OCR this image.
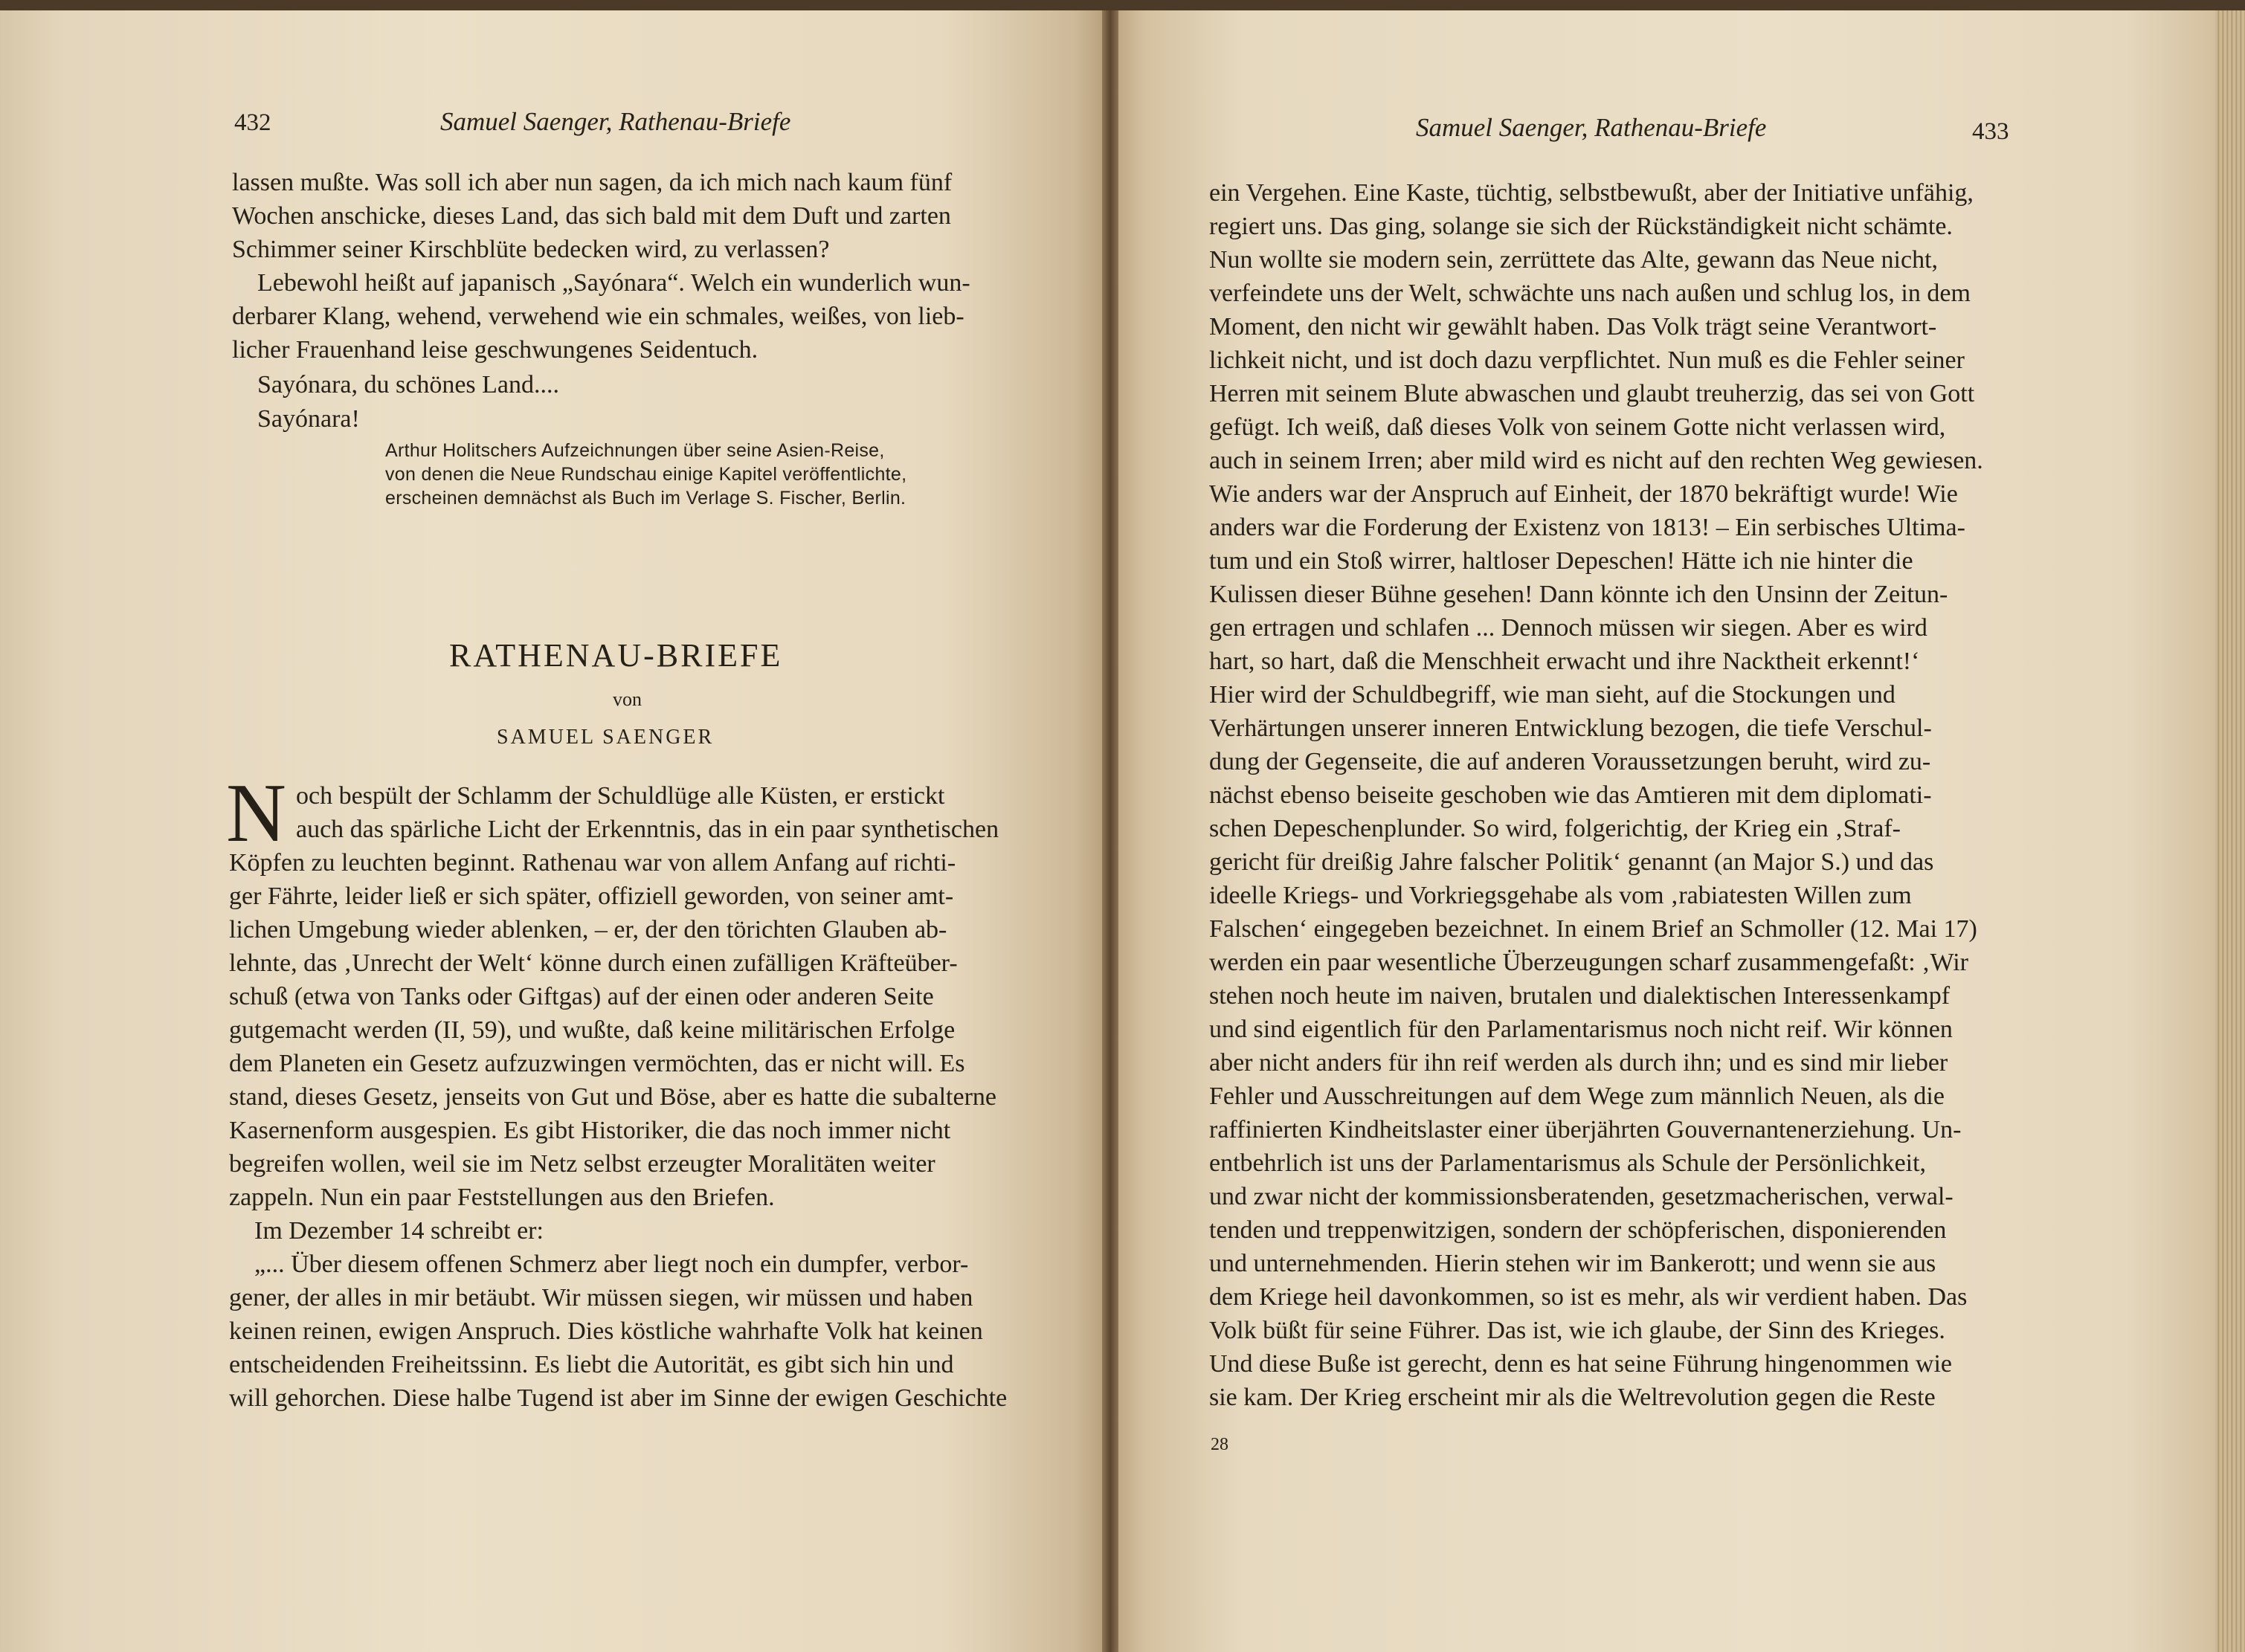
432	Samuel Saenger, Rathenau-Briefe
lassen mußte. Was soll ich aber nun sagen, da ich mich nach kaum fünf
Wochen anschicke, dieses Land, das sich bald mit dem Duft und zarten
Schimmer seiner Kirschblüte bedecken wird, zu verlassen?
Lebewohl heißt auf japanisch „Sayónara“. Welch ein wunderlich wun-
derbarer Klang, wehend, verwehend wie ein schmales, weißes, von lieb-
licher Frauenhand leise geschwungenes Seidentuch.
Sayónara, du schönes Land....
Sayónara!
Arthur Holitschers Aufzeichnungen über seine Asien-Reise,
von denen die Neue Rundschau einige Kapitel veröffentlichte,
erscheinen demnächst als Buch im Verlage S. Fischer, Berlin.
RATHENAU-BRIEFE
von
SAMUEL SAENGER
N och bespült der Schlamm der Schuldlüge alle Küsten, er erstickt
auch das spärliche Licht der Erkenntnis, das in ein paar synthetischen
Köpfen zu leuchten beginnt. Rathenau war von allem Anfang auf richti-
ger Fährte, leider ließ er sich später, offiziell geworden, von seiner amt-
lichen Umgebung wieder ablenken, – er, der den törichten Glauben ab-
lehnte, das ‚Unrecht der Welt‘ könne durch einen zufälligen Kräfteüber-
schuß (etwa von Tanks oder Giftgas) auf der einen oder anderen Seite
gutgemacht werden (II, 59), und wußte, daß keine militärischen Erfolge
dem Planeten ein Gesetz aufzuzwingen vermöchten, das er nicht will. Es
stand, dieses Gesetz, jenseits von Gut und Böse, aber es hatte die subalterne
Kasernenform ausgespien. Es gibt Historiker, die das noch immer nicht
begreifen wollen, weil sie im Netz selbst erzeugter Moralitäten weiter
zappeln. Nun ein paar Feststellungen aus den Briefen.
Im Dezember 14 schreibt er:
„... Über diesem offenen Schmerz aber liegt noch ein dumpfer, verbor-
gener, der alles in mir betäubt. Wir müssen siegen, wir müssen und haben
keinen reinen, ewigen Anspruch. Dies köstliche wahrhafte Volk hat keinen
entscheidenden Freiheitssinn. Es liebt die Autorität, es gibt sich hin und
will gehorchen. Diese halbe Tugend ist aber im Sinne der ewigen Geschichte
Samuel Saenger, Rathenau-Briefe	433
ein Vergehen. Eine Kaste, tüchtig, selbstbewußt, aber der Initiative unfähig,
regiert uns. Das ging, solange sie sich der Rückständigkeit nicht schämte.
Nun wollte sie modern sein, zerrüttete das Alte, gewann das Neue nicht,
verfeindete uns der Welt, schwächte uns nach außen und schlug los, in dem
Moment, den nicht wir gewählt haben. Das Volk trägt seine Verantwort-
lichkeit nicht, und ist doch dazu verpflichtet. Nun muß es die Fehler seiner
Herren mit seinem Blute abwaschen und glaubt treuherzig, das sei von Gott
gefügt. Ich weiß, daß dieses Volk von seinem Gotte nicht verlassen wird,
auch in seinem Irren; aber mild wird es nicht auf den rechten Weg gewiesen.
Wie anders war der Anspruch auf Einheit, der 1870 bekräftigt wurde! Wie
anders war die Forderung der Existenz von 1813! – Ein serbisches Ultima-
tum und ein Stoß wirrer, haltloser Depeschen! Hätte ich nie hinter die
Kulissen dieser Bühne gesehen! Dann könnte ich den Unsinn der Zeitun-
gen ertragen und schlafen ... Dennoch müssen wir siegen. Aber es wird
hart, so hart, daß die Menschheit erwacht und ihre Nacktheit erkennt!‘
Hier wird der Schuldbegriff, wie man sieht, auf die Stockungen und
Verhärtungen unserer inneren Entwicklung bezogen, die tiefe Verschul-
dung der Gegenseite, die auf anderen Voraussetzungen beruht, wird zu-
nächst ebenso beiseite geschoben wie das Amtieren mit dem diplomati-
schen Depeschenplunder. So wird, folgerichtig, der Krieg ein ‚Straf-
gericht für dreißig Jahre falscher Politik‘ genannt (an Major S.) und das
ideelle Kriegs- und Vorkriegsgehabe als vom ‚rabiatesten Willen zum
Falschen‘ eingegeben bezeichnet. In einem Brief an Schmoller (12. Mai 17)
werden ein paar wesentliche Überzeugungen scharf zusammengefaßt: ‚Wir
stehen noch heute im naiven, brutalen und dialektischen Interessenkampf
und sind eigentlich für den Parlamentarismus noch nicht reif. Wir können
aber nicht anders für ihn reif werden als durch ihn; und es sind mir lieber
Fehler und Ausschreitungen auf dem Wege zum männlich Neuen, als die
raffinierten Kindheitslaster einer überjährten Gouvernantenerziehung. Un-
entbehrlich ist uns der Parlamentarismus als Schule der Persönlichkeit,
und zwar nicht der kommissionsberatenden, gesetzmacherischen, verwal-
tenden und treppenwitzigen, sondern der schöpferischen, disponierenden
und unternehmenden. Hierin stehen wir im Bankerott; und wenn sie aus
dem Kriege heil davonkommen, so ist es mehr, als wir verdient haben. Das
Volk büßt für seine Führer. Das ist, wie ich glaube, der Sinn des Krieges.
Und diese Buße ist gerecht, denn es hat seine Führung hingenommen wie
sie kam. Der Krieg erscheint mir als die Weltrevolution gegen die Reste
28
